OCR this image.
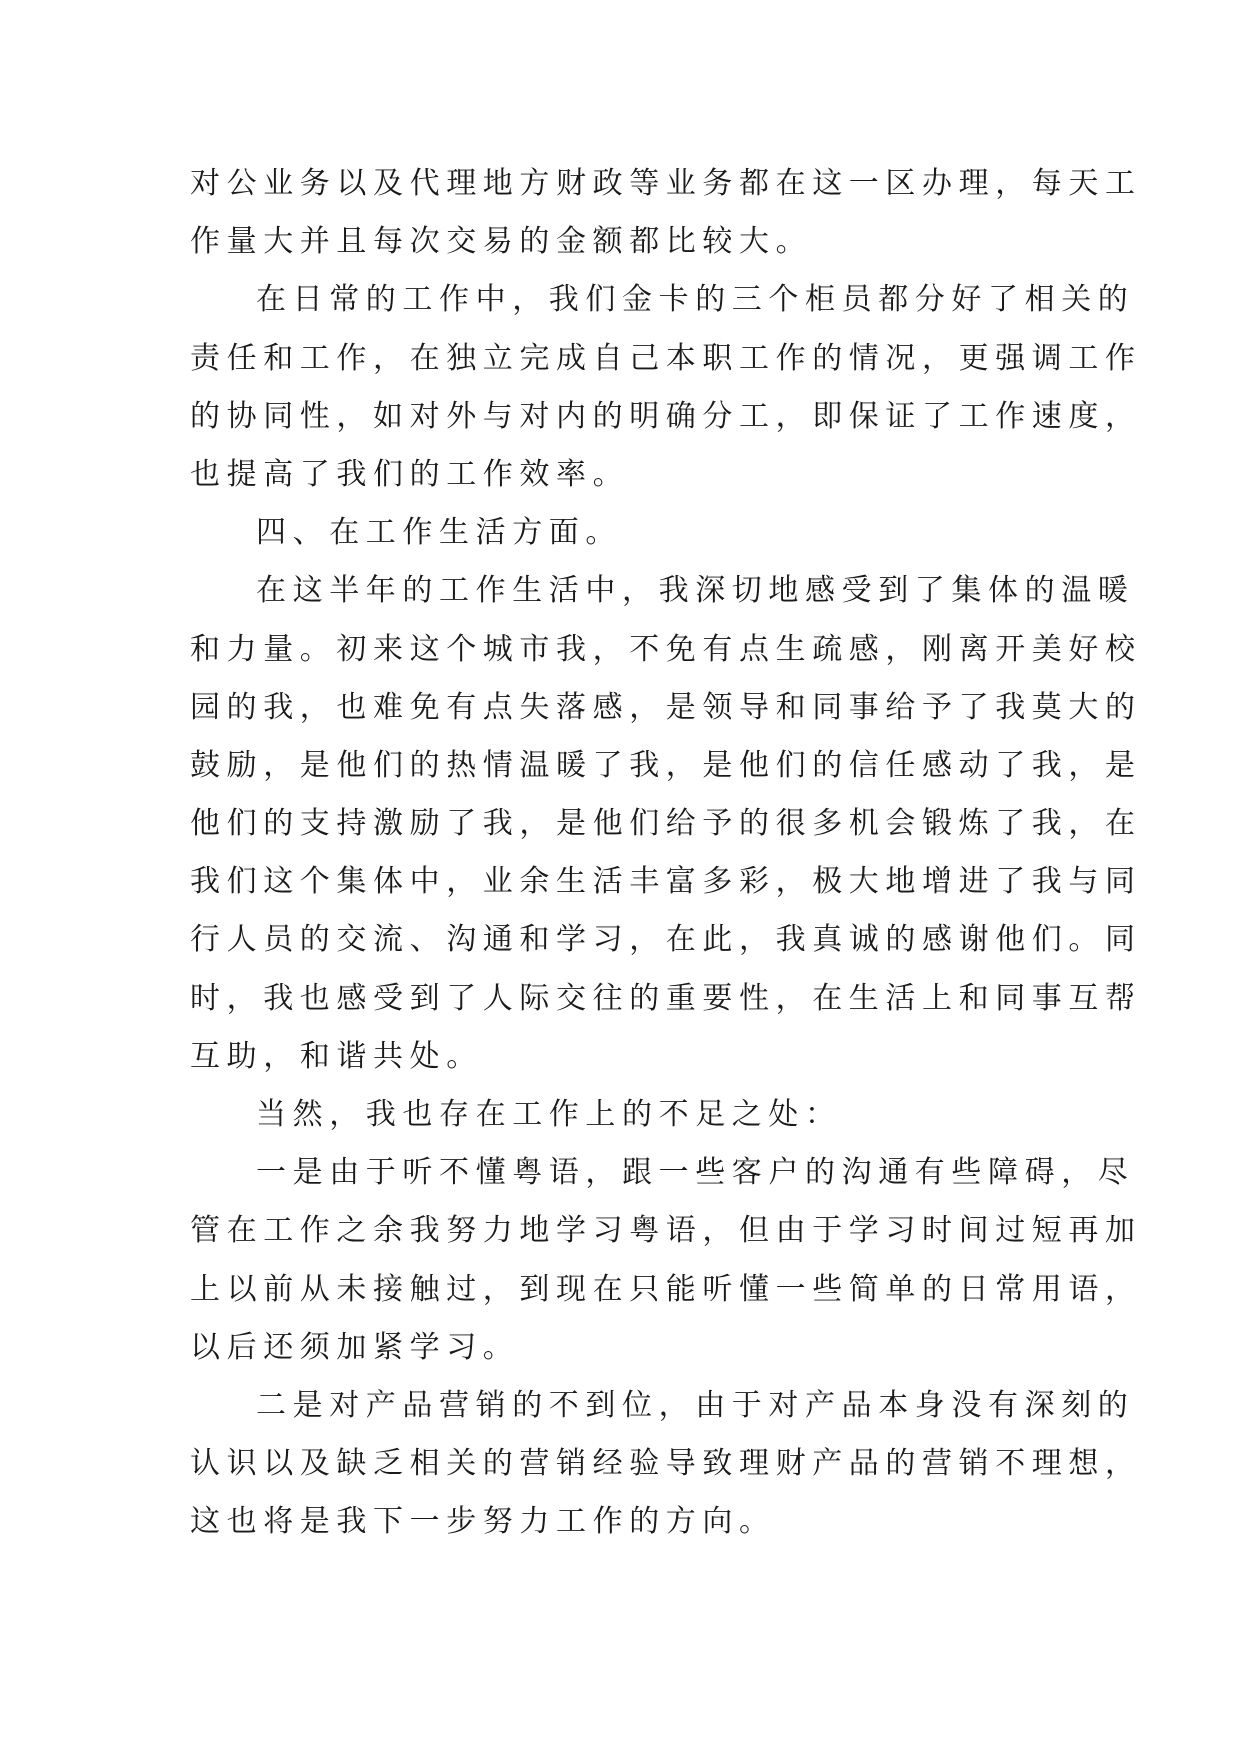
对公业务以及代理地方财政等业务都在这一区办理，每天工
作量大并且每次交易的金额都比较大。
在日常的工作中，我们金卡的三个柜员都分好了相关的
责任和工作，在独立完成自己本职工作的情况，更强调工作
的协同性，如对外与对内的明确分工，即保证了工作速度，
也提高了我们的工作效率。
四、在工作生活方面。
在这半年的工作生活中，我深切地感受到了集体的温暖
和力量。初来这个城市我，不免有点生疏感，刚离开美好校
园的我，也难免有点失落感，是领导和同事给予了我莫大的
鼓励，是他们的热情温暖了我，是他们的信任感动了我，是
他们的支持激励了我，是他们给予的很多机会锻炼了我，在
我们这个集体中，业余生活丰富多彩，极大地增进了我与同
行人员的交流、沟通和学习，在此，我真诚的感谢他们。同
时，我也感受到了人际交往的重要性，在生活上和同事互帮
互助，和谐共处。
当然，我也存在工作上的不足之处：
一是由于听不懂粤语，跟一些客户的沟通有些障碍，尽
管在工作之余我努力地学习粤语，但由于学习时间过短再加
上以前从未接触过，到现在只能听懂一些简单的日常用语，
以后还须加紧学习。
二是对产品营销的不到位，由于对产品本身没有深刻的
认识以及缺乏相关的营销经验导致理财产品的营销不理想，
这也将是我下一步努力工作的方向。
